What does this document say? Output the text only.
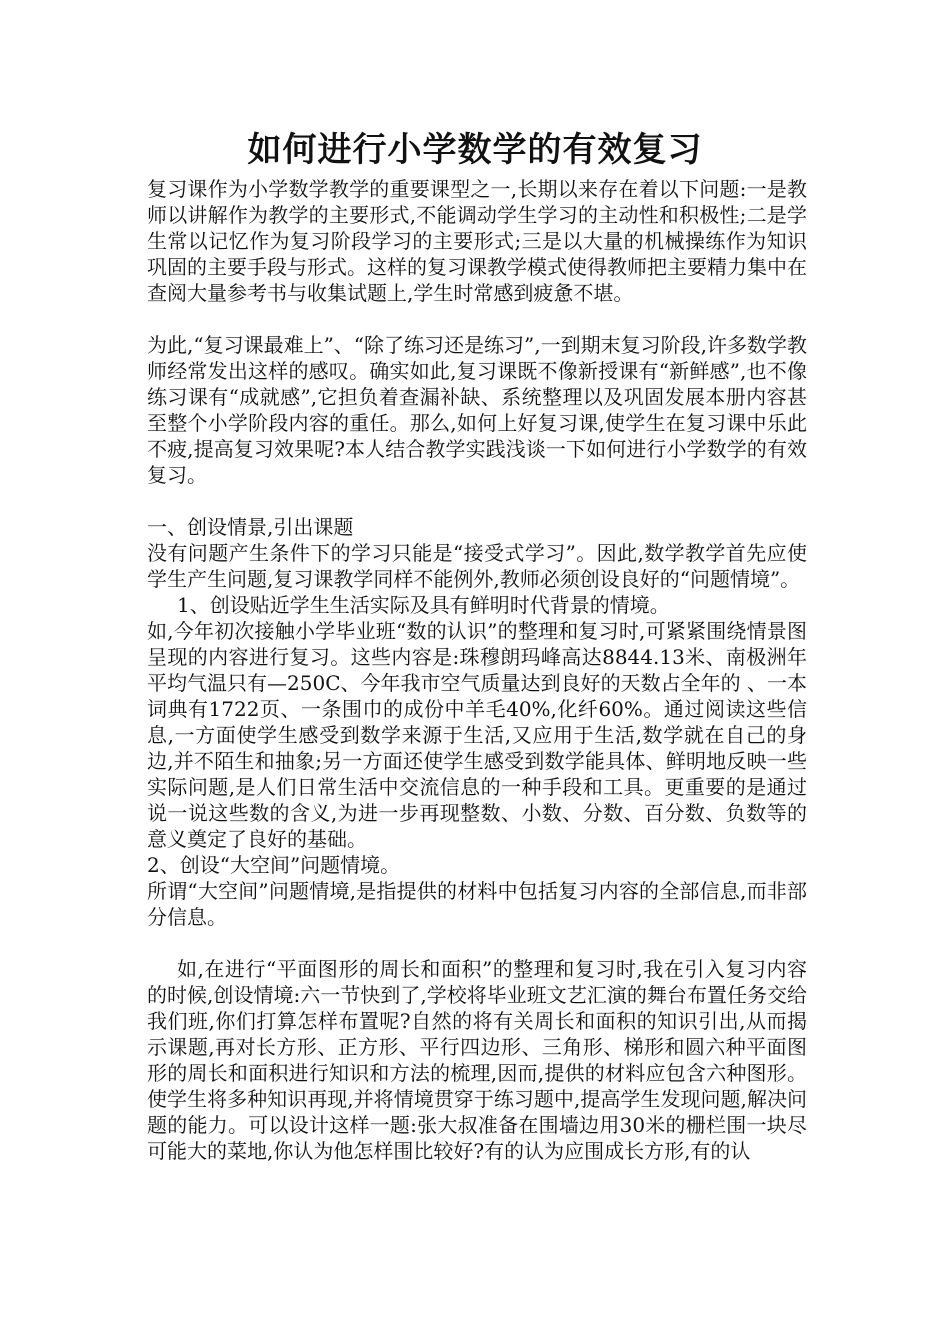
如何进行小学数学的有效复习

复习课作为小学数学教学的重要课型之一,长期以来存在着以下问题:一是教师以讲解作为教学的主要形式,不能调动学生学习的主动性和积极性;二是学生常以记忆作为复习阶段学习的主要形式;三是以大量的机械操练作为知识巩固的主要手段与形式。这样的复习课教学模式使得教师把主要精力集中在查阅大量参考书与收集试题上,学生时常感到疲惫不堪。

为此,“复习课最难上”、“除了练习还是练习”,一到期末复习阶段,许多数学教师经常发出这样的感叹。确实如此,复习课既不像新授课有“新鲜感”,也不像练习课有“成就感”,它担负着查漏补缺、系统整理以及巩固发展本册内容甚至整个小学阶段内容的重任。那么,如何上好复习课,使学生在复习课中乐此不疲,提高复习效果呢?本人结合教学实践浅谈一下如何进行小学数学的有效复习。

一、创设情景,引出课题

没有问题产生条件下的学习只能是“接受式学习”。因此,数学教学首先应使学生产生问题,复习课教学同样不能例外,教师必须创设良好的“问题情境”。

1、创设贴近学生生活实际及具有鲜明时代背景的情境。

如,今年初次接触小学毕业班“数的认识”的整理和复习时,可紧紧围绕情景图呈现的内容进行复习。这些内容是:珠穆朗玛峰高达8844.13米、南极洲年平均气温只有—250C、今年我市空气质量达到良好的天数占全年的 、一本词典有1722页、一条围巾的成份中羊毛40%,化纤60%。通过阅读这些信息,一方面使学生感受到数学来源于生活,又应用于生活,数学就在自己的身边,并不陌生和抽象;另一方面还使学生感受到数学能具体、鲜明地反映一些实际问题,是人们日常生活中交流信息的一种手段和工具。更重要的是通过说一说这些数的含义,为进一步再现整数、小数、分数、百分数、负数等的意义奠定了良好的基础。

2、创设“大空间”问题情境。

所谓“大空间”问题情境,是指提供的材料中包括复习内容的全部信息,而非部分信息。

如,在进行“平面图形的周长和面积”的整理和复习时,我在引入复习内容的时候,创设情境:六一节快到了,学校将毕业班文艺汇演的舞台布置任务交给我们班,你们打算怎样布置呢?自然的将有关周长和面积的知识引出,从而揭示课题,再对长方形、正方形、平行四边形、三角形、梯形和圆六种平面图形的周长和面积进行知识和方法的梳理,因而,提供的材料应包含六种图形。使学生将多种知识再现,并将情境贯穿于练习题中,提高学生发现问题,解决问题的能力。可以设计这样一题:张大叔准备在围墙边用30米的栅栏围一块尽可能大的菜地,你认为他怎样围比较好?有的认为应围成长方形,有的认
